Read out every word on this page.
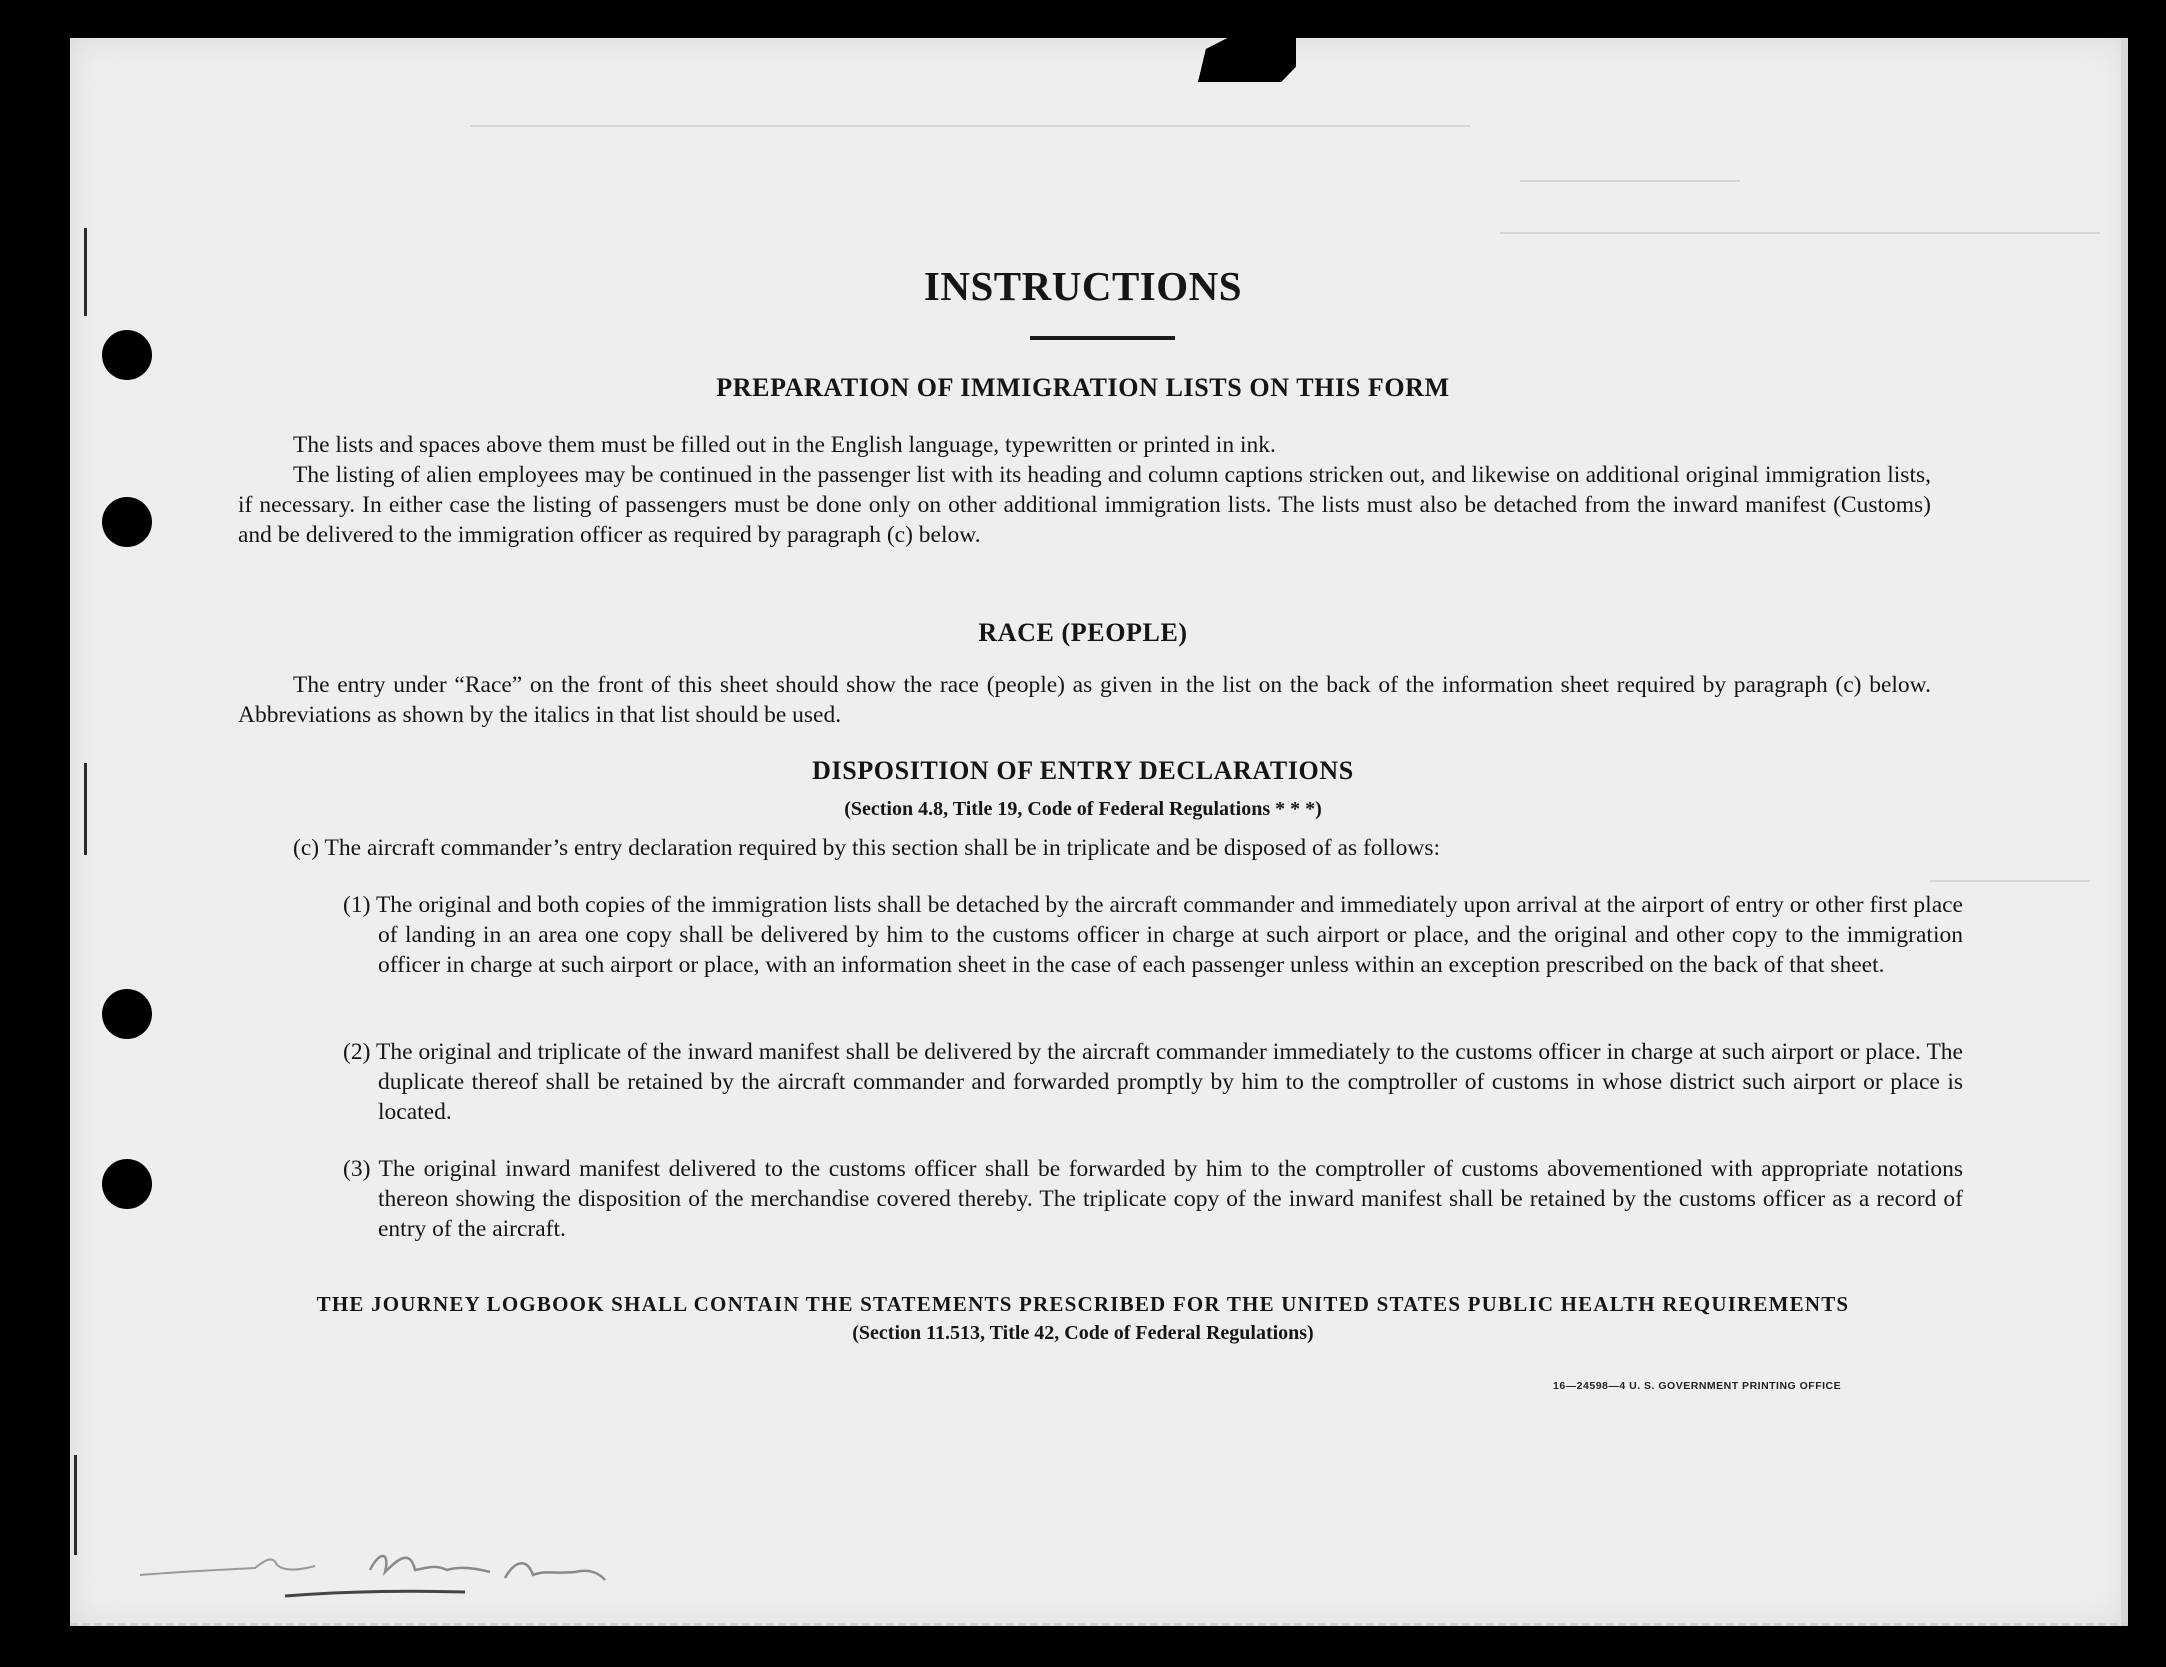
INSTRUCTIONS
PREPARATION OF IMMIGRATION LISTS ON THIS FORM

The lists and spaces above them must be filled out in the English language, typewritten or printed in ink.

The listing of alien employees may be continued in the passenger list with its heading and column captions stricken out, and likewise on additional original immigration lists, if necessary. In either case the listing of passengers must be done only on other additional immigration lists. The lists must also be detached from the inward manifest (Customs) and be delivered to the immigration officer as required by paragraph (c) below.

RACE (PEOPLE)

The entry under “Race” on the front of this sheet should show the race (people) as given in the list on the back of the information sheet required by paragraph (c) below. Abbreviations as shown by the italics in that list should be used.

DISPOSITION OF ENTRY DECLARATIONS
(Section 4.8, Title 19, Code of Federal Regulations * * *)

(c) The aircraft commander’s entry declaration required by this section shall be in triplicate and be disposed of as follows:

(1) The original and both copies of the immigration lists shall be detached by the aircraft commander and immediately upon arrival at the airport of entry or other first place of landing in an area one copy shall be delivered by him to the customs officer in charge at such airport or place, and the original and other copy to the immigration officer in charge at such airport or place, with an information sheet in the case of each passenger unless within an exception prescribed on the back of that sheet.
(2) The original and triplicate of the inward manifest shall be delivered by the aircraft commander immediately to the customs officer in charge at such airport or place. The duplicate thereof shall be retained by the aircraft commander and forwarded promptly by him to the comptroller of customs in whose district such airport or place is located.
(3) The original inward manifest delivered to the customs officer shall be forwarded by him to the comptroller of customs abovementioned with appropriate notations thereon showing the disposition of the merchandise covered thereby. The triplicate copy of the inward manifest shall be retained by the customs officer as a record of entry of the aircraft.
THE JOURNEY LOGBOOK SHALL CONTAIN THE STATEMENTS PRESCRIBED FOR THE UNITED STATES PUBLIC HEALTH REQUIREMENTS
(Section 11.513, Title 42, Code of Federal Regulations)
16—24598—4 U. S. GOVERNMENT PRINTING OFFICE
